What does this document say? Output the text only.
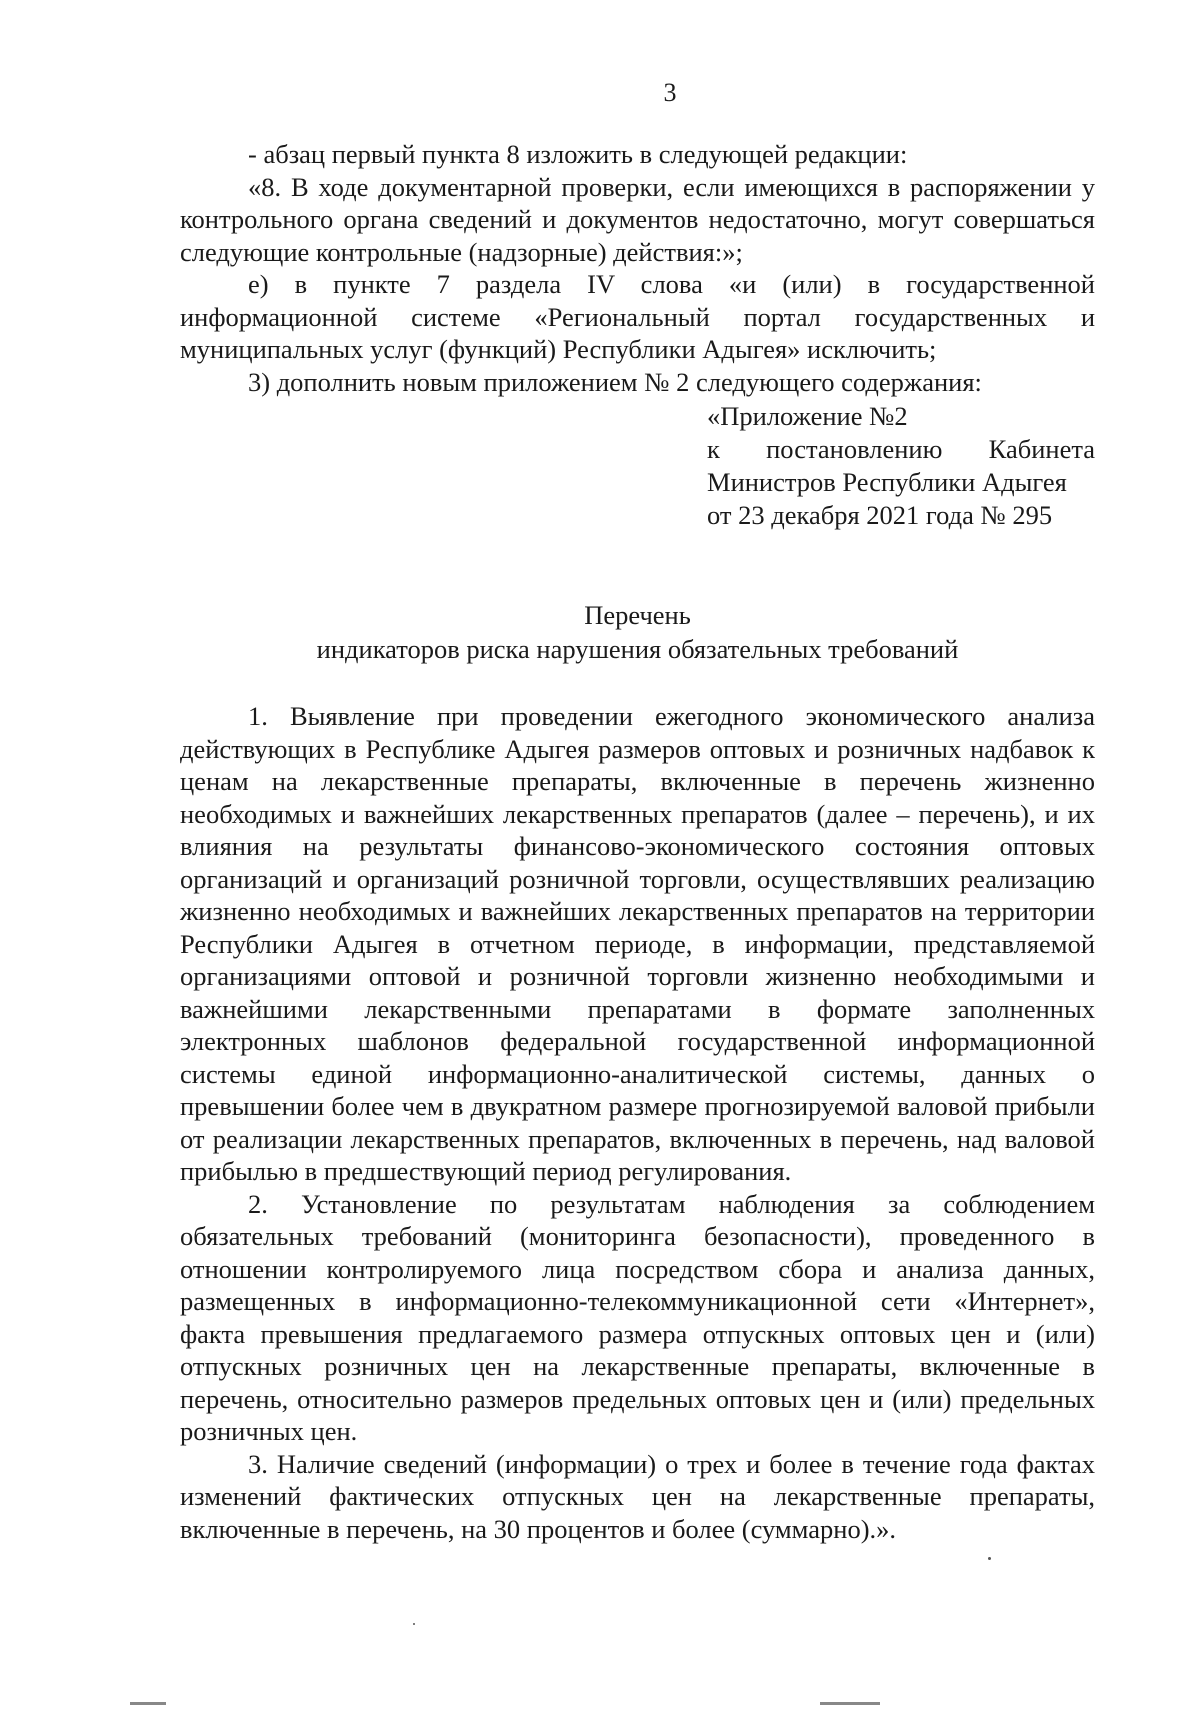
3

- абзац первый пункта 8 изложить в следующей редакции:

«8. В ходе документарной проверки, если имеющихся в распоряжении у контрольного органа сведений и документов недостаточно, могут совершаться следующие контрольные (надзорные) действия:»;

е) в пункте 7 раздела IV слова «и (или) в государственной информационной системе «Региональный портал государственных и муниципальных услуг (функций) Республики Адыгея» исключить;

3) дополнить новым приложением № 2 следующего содержания:

«Приложение №2
к постановлению Кабинета
Министров Республики Адыгея
от 23 декабря 2021 года № 295
Перечень
индикаторов риска нарушения обязательных требований

1. Выявление при проведении ежегодного экономического анализа действующих в Республике Адыгея размеров оптовых и розничных надбавок к ценам на лекарственные препараты, включенные в перечень жизненно необходимых и важнейших лекарственных препаратов (далее – перечень), и их влияния на результаты финансово-экономического состояния оптовых организаций и организаций розничной торговли, осуществлявших реализацию жизненно необходимых и важнейших лекарственных препаратов на территории Республики Адыгея в отчетном периоде, в информации, представляемой организациями оптовой и розничной торговли жизненно необходимыми и важнейшими лекарственными препаратами в формате заполненных электронных шаблонов федеральной государственной информационной системы единой информационно-аналитической системы, данных о превышении более чем в двукратном размере прогнозируемой валовой прибыли от реализации лекарственных препаратов, включенных в перечень, над валовой прибылью в предшествующий период регулирования.

2. Установление по результатам наблюдения за соблюдением обязательных требований (мониторинга безопасности), проведенного в отношении контролируемого лица посредством сбора и анализа данных, размещенных в информационно-телекоммуникационной сети «Интернет», факта превышения предлагаемого размера отпускных оптовых цен и (или) отпускных розничных цен на лекарственные препараты, включенные в перечень, относительно размеров предельных оптовых цен и (или) предельных розничных цен.

3. Наличие сведений (информации) о трех и более в течение года фактах изменений фактических отпускных цен на лекарственные препараты, включенные в перечень, на 30 процентов и более (суммарно).».
